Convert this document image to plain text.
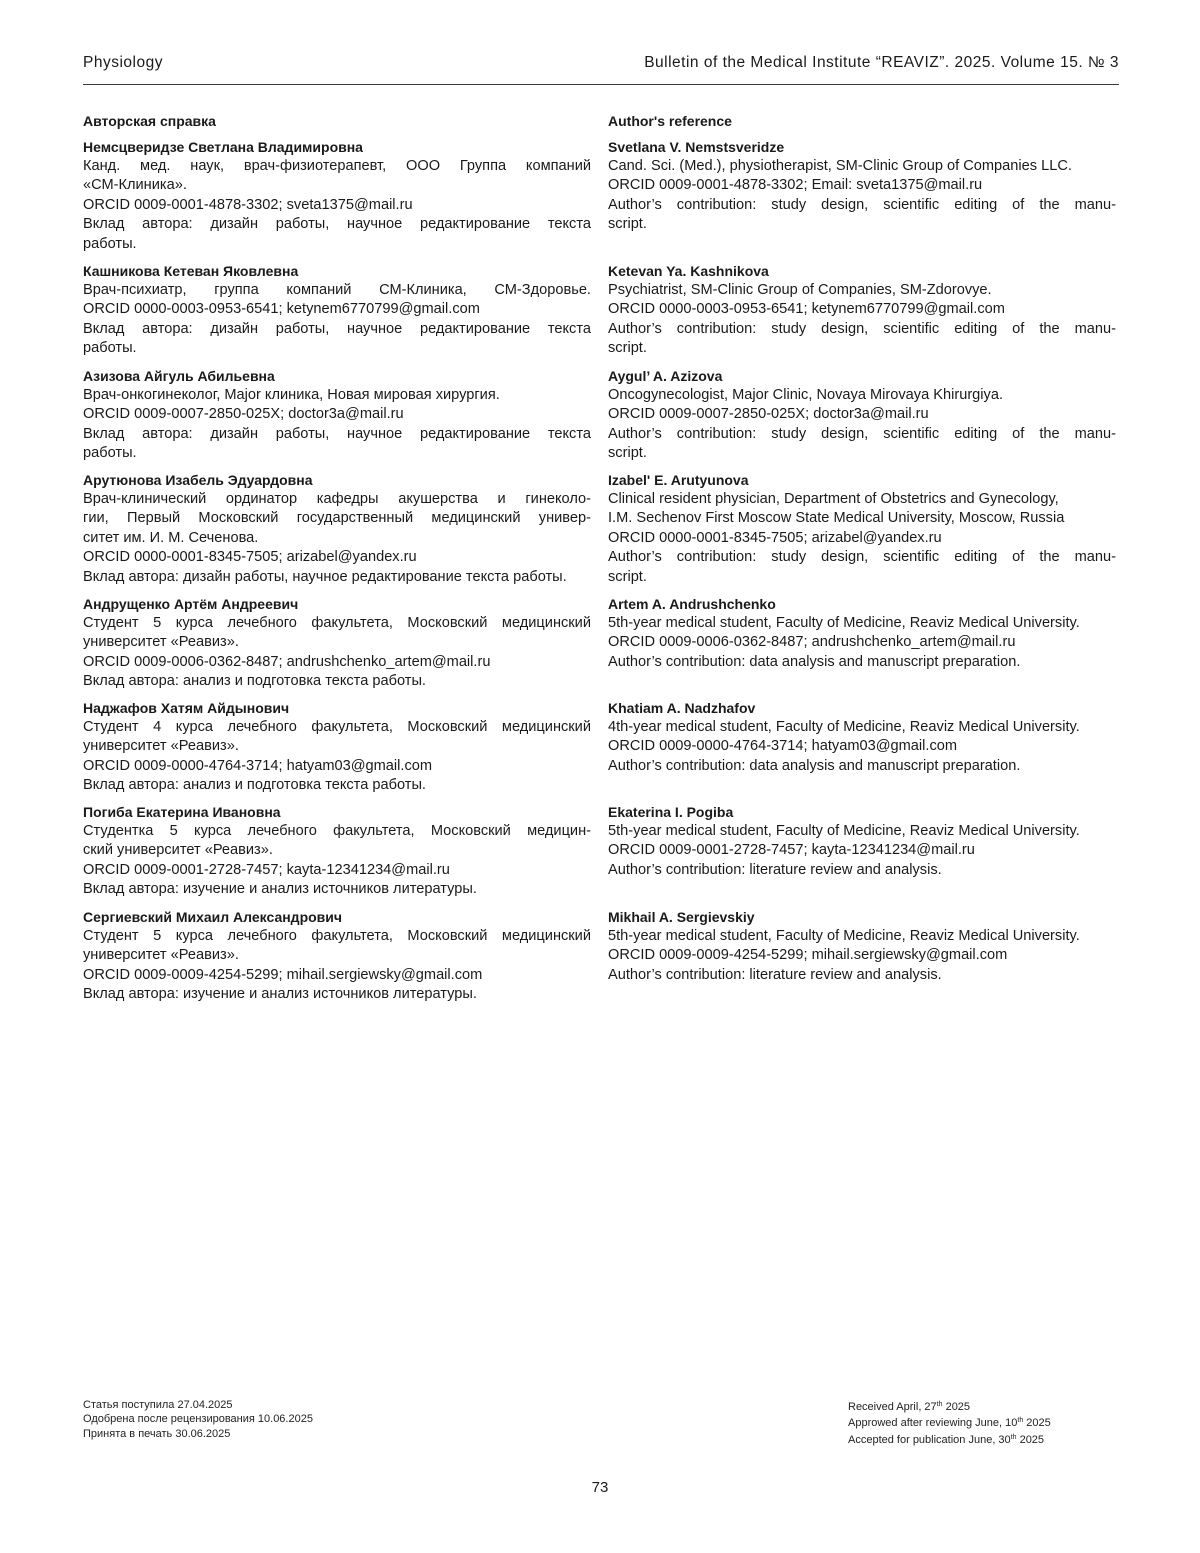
Physiology	Bulletin of the Medical Institute “REAVIZ”. 2025. Volume 15. № 3
Авторская справка
Немсцверидзе Светлана Владимировна
Канд. мед. наук, врач-физиотерапевт, ООО Группа компаний
«СМ-Клиника».
ORCID 0009-0001-4878-3302; sveta1375@mail.ru
Вклад автора: дизайн работы, научное редактирование текста
работы.
Кашникова Кетеван Яковлевна
Врач-психиатр, группа компаний СМ-Клиника, СМ-Здоровье.
ORCID 0000-0003-0953-6541; ketynem6770799@gmail.com
Вклад автора: дизайн работы, научное редактирование текста
работы.
Азизова Айгуль Абильевна
Врач-онкогинеколог, Major клиника, Новая мировая хирургия.
ORCID 0009-0007-2850-025X; doctor3a@mail.ru
Вклад автора: дизайн работы, научное редактирование текста
работы.
Арутюнова Изабель Эдуардовна
Врач-клинический ординатор кафедры акушерства и гинеколо-
гии, Первый Московский государственный медицинский универ-
ситет им. И. М. Сеченова.
ORCID 0000-0001-8345-7505; arizabel@yandex.ru
Вклад автора: дизайн работы, научное редактирование текста работы.
Андрущенко Артём Андреевич
Студент 5 курса лечебного факультета, Московский медицинский
университет «Реавиз».
ORCID 0009-0006-0362-8487; andrushchenko_artem@mail.ru
Вклад автора: анализ и подготовка текста работы.
Наджафов Хатям Айдынович
Студент 4 курса лечебного факультета, Московский медицинский
университет «Реавиз».
ORCID 0009-0000-4764-3714; hatyam03@gmail.com
Вклад автора: анализ и подготовка текста работы.
Погиба Екатерина Ивановна
Студентка 5 курса лечебного факультета, Московский медицин-
ский университет «Реавиз».
ORCID 0009-0001-2728-7457; kayta-12341234@mail.ru
Вклад автора: изучение и анализ источников литературы.
Сергиевский Михаил Александрович
Студент 5 курса лечебного факультета, Московский медицинский
университет «Реавиз».
ORCID 0009-0009-4254-5299; mihail.sergiewsky@gmail.com
Вклад автора: изучение и анализ источников литературы.
Author's reference
Svetlana V. Nemstsveridze
Cand. Sci. (Med.), physiotherapist, SM-Clinic Group of Companies LLC.
ORCID 0009-0001-4878-3302; Email: sveta1375@mail.ru
Author’s contribution: study design, scientific editing of the manu-
script.
Ketevan Ya. Kashnikova
Psychiatrist, SM-Clinic Group of Companies, SM-Zdorovye.
ORCID 0000-0003-0953-6541; ketynem6770799@gmail.com
Author’s contribution: study design, scientific editing of the manu-
script.
Aygul’ A. Azizova
Oncogynecologist, Major Clinic, Novaya Mirovaya Khirurgiya.
ORCID 0009-0007-2850-025X; doctor3a@mail.ru
Author’s contribution: study design, scientific editing of the manu-
script.
Izabel' E. Arutyunova
Clinical resident physician, Department of Obstetrics and Gynecology,
I.M. Sechenov First Moscow State Medical University, Moscow, Russia
ORCID 0000-0001-8345-7505; arizabel@yandex.ru
Author’s contribution: study design, scientific editing of the manu-
script.
Artem A. Andrushchenko
5th-year medical student, Faculty of Medicine, Reaviz Medical University.
ORCID 0009-0006-0362-8487; andrushchenko_artem@mail.ru
Author’s contribution: data analysis and manuscript preparation.
Khatiam A. Nadzhafov
4th-year medical student, Faculty of Medicine, Reaviz Medical University.
ORCID 0009-0000-4764-3714; hatyam03@gmail.com
Author’s contribution: data analysis and manuscript preparation.
Ekaterina I. Pogiba
5th-year medical student, Faculty of Medicine, Reaviz Medical University.
ORCID 0009-0001-2728-7457; kayta-12341234@mail.ru
Author’s contribution: literature review and analysis.
Mikhail A. Sergievskiy
5th-year medical student, Faculty of Medicine, Reaviz Medical University.
ORCID 0009-0009-4254-5299; mihail.sergiewsky@gmail.com
Author’s contribution: literature review and analysis.
Статья поступила 27.04.2025
Одобрена после рецензирования 10.06.2025
Принята в печать 30.06.2025
Received April, 27th 2025
Approwed after reviewing June, 10th 2025
Accepted for publication June, 30th 2025
73
